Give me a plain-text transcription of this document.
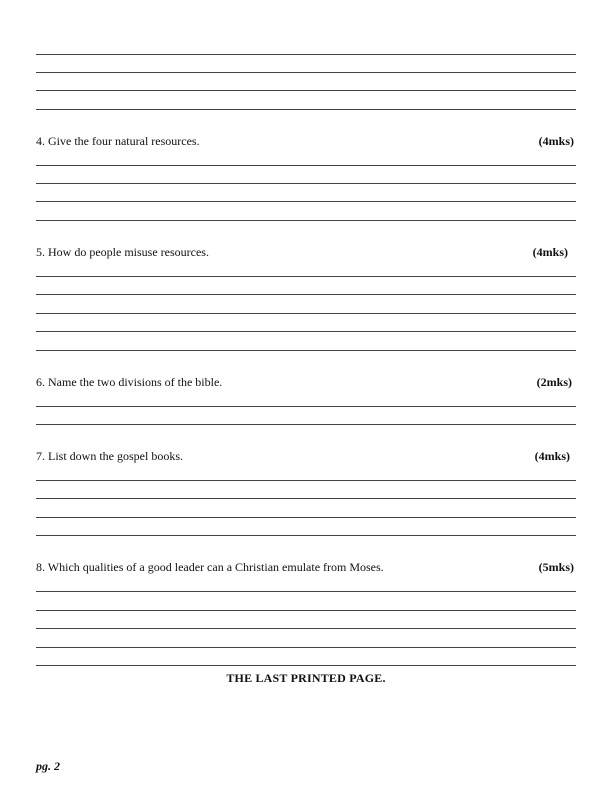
4. Give the four natural resources.	(4mks)
5. How do people misuse resources.	(4mks)
6. Name the two divisions of the bible.	(2mks)
7. List down the gospel books.	(4mks)
8. Which qualities of a good leader can a Christian emulate from Moses.	(5mks)
THE LAST PRINTED PAGE.
pg. 2
